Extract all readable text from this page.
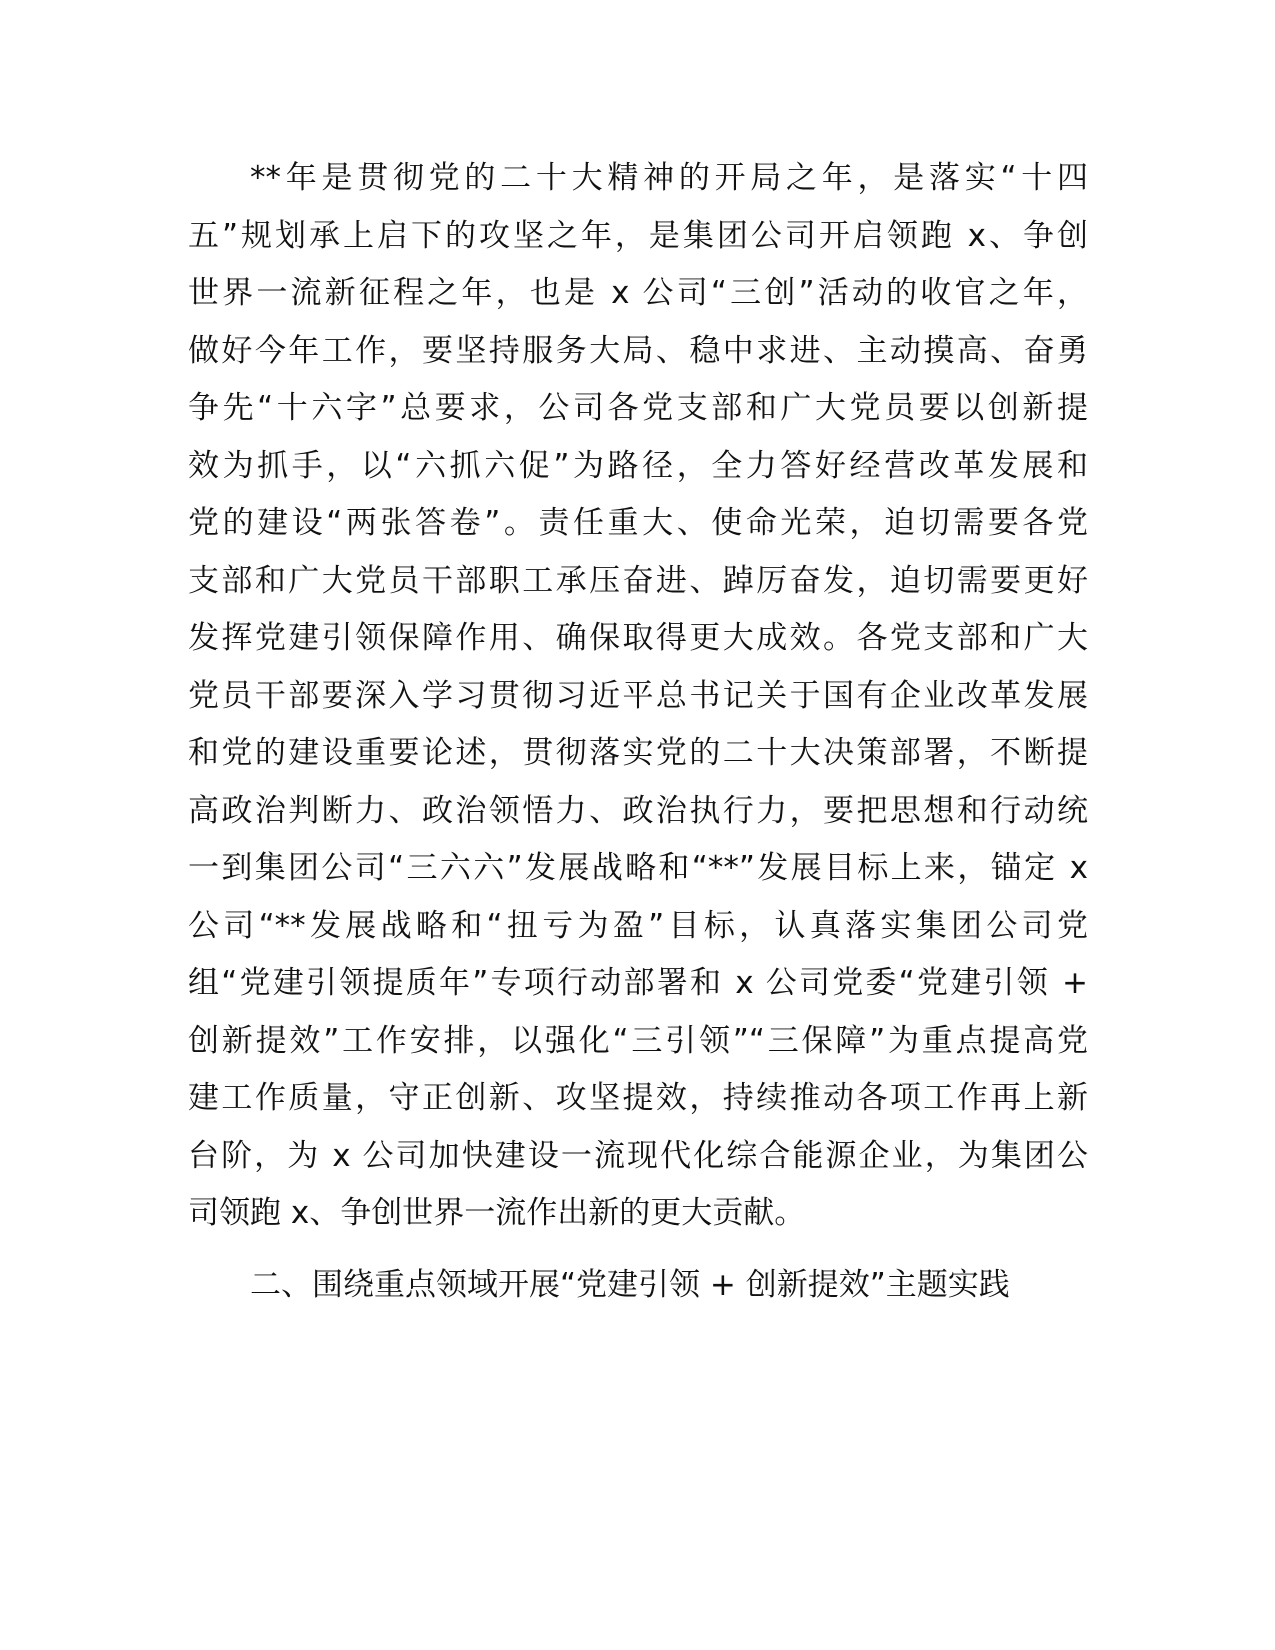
**年是贯彻党的二十大精神的开局之年，是落实“十四
五”规划承上启下的攻坚之年，是集团公司开启领跑 x、争创
世界一流新征程之年，也是 x 公司“三创”活动的收官之年，
做好今年工作，要坚持服务大局、稳中求进、主动摸高、奋勇
争先“十六字”总要求，公司各党支部和广大党员要以创新提
效为抓手，以“六抓六促”为路径，全力答好经营改革发展和
党的建设“两张答卷”。责任重大、使命光荣，迫切需要各党
支部和广大党员干部职工承压奋进、踔厉奋发，迫切需要更好
发挥党建引领保障作用、确保取得更大成效。各党支部和广大
党员干部要深入学习贯彻习近平总书记关于国有企业改革发展
和党的建设重要论述，贯彻落实党的二十大决策部署，不断提
高政治判断力、政治领悟力、政治执行力，要把思想和行动统
一到集团公司“三六六”发展战略和“**”发展目标上来，锚定 x
公司“**发展战略和“扭亏为盈”目标，认真落实集团公司党
组“党建引领提质年”专项行动部署和 x 公司党委“党建引领 +
创新提效”工作安排，以强化“三引领”“三保障”为重点提高党
建工作质量，守正创新、攻坚提效，持续推动各项工作再上新
台阶，为 x 公司加快建设一流现代化综合能源企业，为集团公
司领跑 x、争创世界一流作出新的更大贡献。
二、围绕重点领域开展“党建引领 + 创新提效”主题实践
